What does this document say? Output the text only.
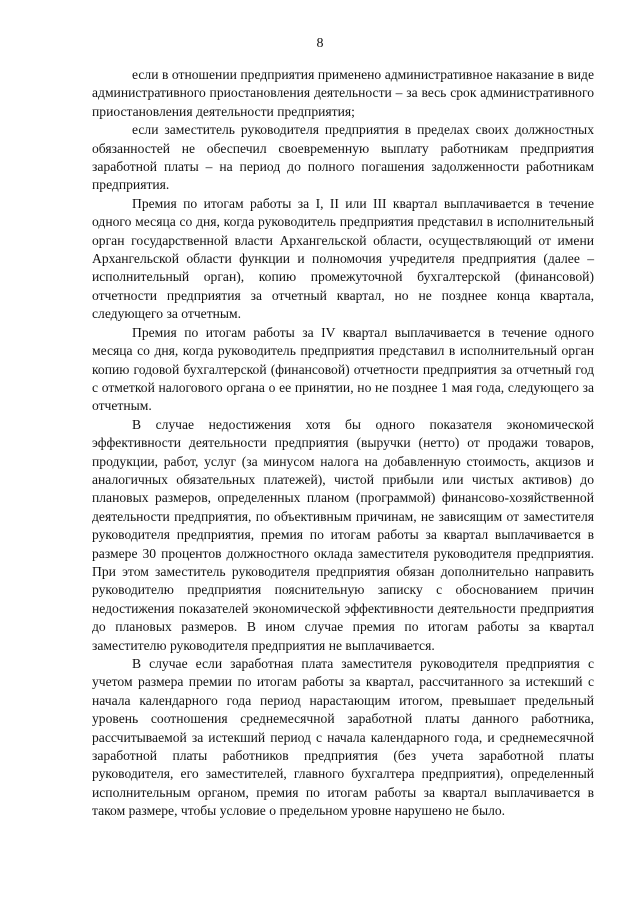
8

если в отношении предприятия применено административное наказание в виде административного приостановления деятельности – за весь срок административного приостановления деятельности предприятия;

если заместитель руководителя предприятия в пределах своих должностных обязанностей не обеспечил своевременную выплату работникам предприятия заработной платы – на период до полного погашения задолженности работникам предприятия.

Премия по итогам работы за I, II или III квартал выплачивается в течение одного месяца со дня, когда руководитель предприятия представил в исполнительный орган государственной власти Архангельской области, осуществляющий от имени Архангельской области функции и полномочия учредителя предприятия (далее – исполнительный орган), копию промежуточной бухгалтерской (финансовой) отчетности предприятия за отчетный квартал, но не позднее конца квартала, следующего за отчетным.

Премия по итогам работы за IV квартал выплачивается в течение одного месяца со дня, когда руководитель предприятия представил в исполнительный орган копию годовой бухгалтерской (финансовой) отчетности предприятия за отчетный год с отметкой налогового органа о ее принятии, но не позднее 1 мая года, следующего за отчетным.

В случае недостижения хотя бы одного показателя экономической эффективности деятельности предприятия (выручки (нетто) от продажи товаров, продукции, работ, услуг (за минусом налога на добавленную стоимость, акцизов и аналогичных обязательных платежей), чистой прибыли или чистых активов) до плановых размеров, определенных планом (программой) финансово-хозяйственной деятельности предприятия, по объективным причинам, не зависящим от заместителя руководителя предприятия, премия по итогам работы за квартал выплачивается в размере 30 процентов должностного оклада заместителя руководителя предприятия. При этом заместитель руководителя предприятия обязан дополнительно направить руководителю предприятия пояснительную записку с обоснованием причин недостижения показателей экономической эффективности деятельности предприятия до плановых размеров. В ином случае премия по итогам работы за квартал заместителю руководителя предприятия не выплачивается.

В случае если заработная плата заместителя руководителя предприятия с учетом размера премии по итогам работы за квартал, рассчитанного за истекший с начала календарного года период нарастающим итогом, превышает предельный уровень соотношения среднемесячной заработной платы данного работника, рассчитываемой за истекший период с начала календарного года, и среднемесячной заработной платы работников предприятия (без учета заработной платы руководителя, его заместителей, главного бухгалтера предприятия), определенный исполнительным органом, премия по итогам работы за квартал выплачивается в таком размере, чтобы условие о предельном уровне нарушено не было.
